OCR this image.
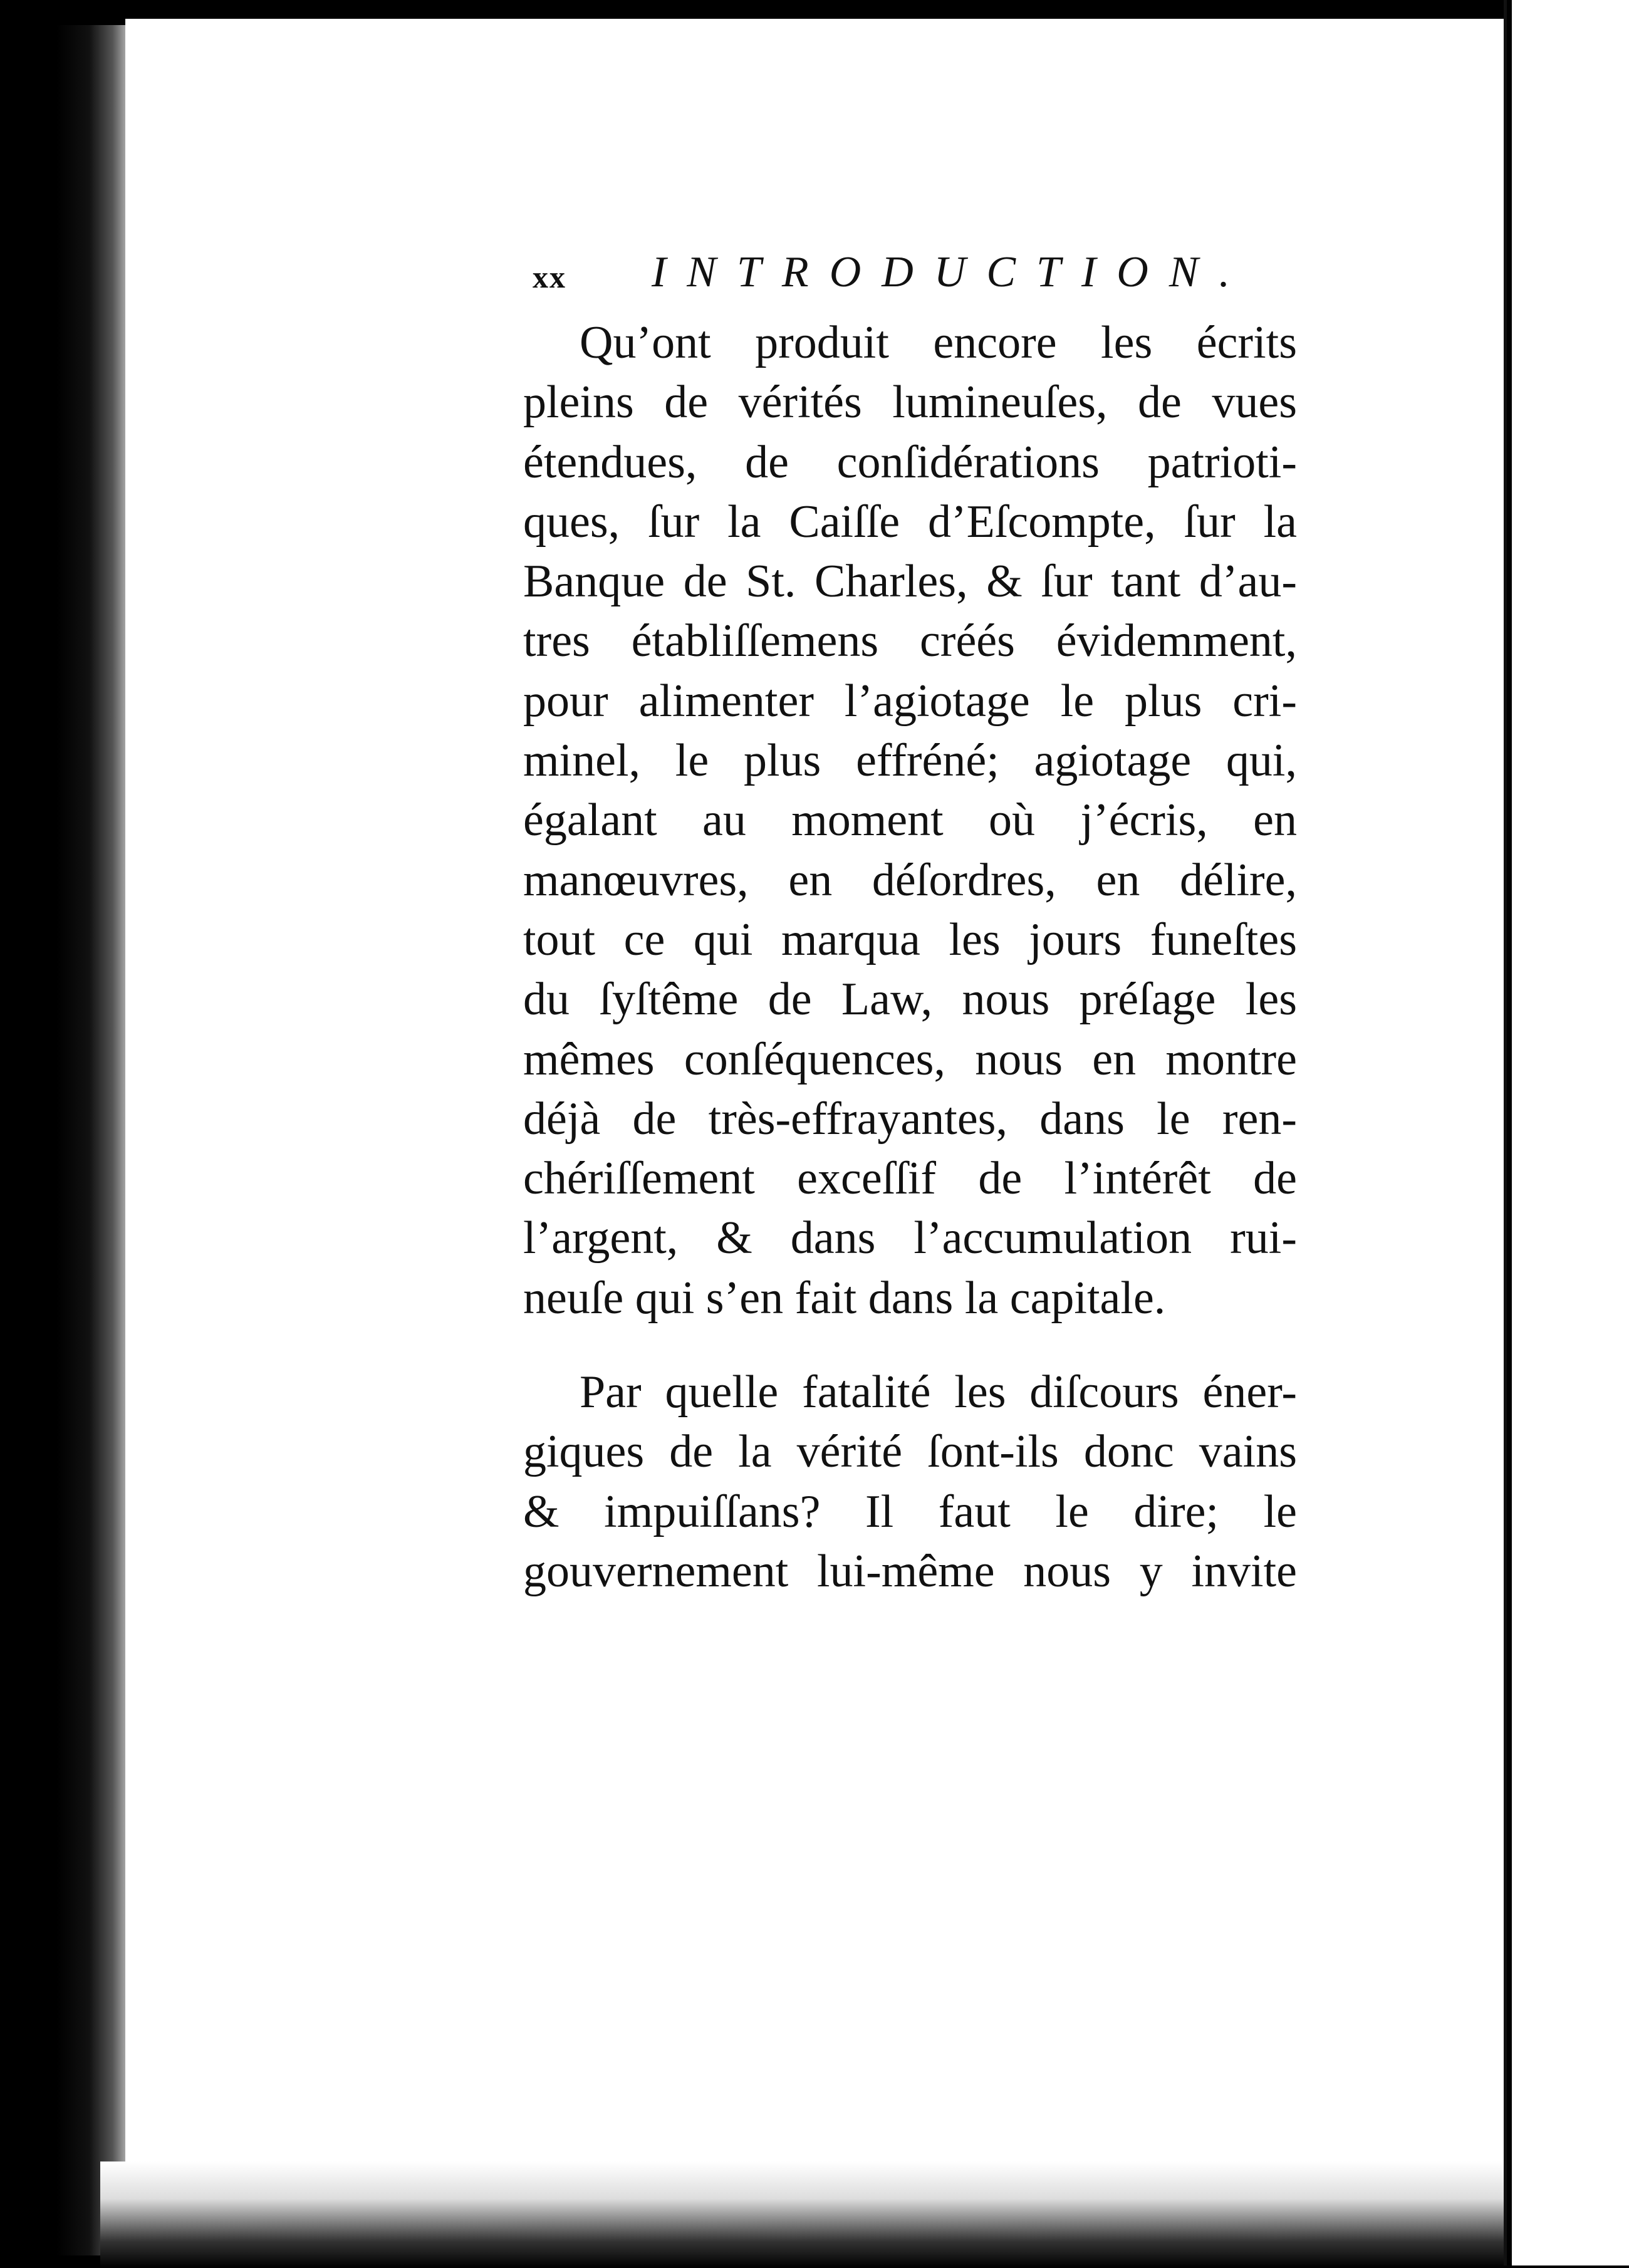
xx INTRODUCTION.
Qu’ont produit encore les écrits
pleins de vérités lumineuſes, de vues
étendues, de conſidérations patrioti-
ques, ſur la Caiſſe d’Eſcompte, ſur la
Banque de St. Charles, & ſur tant d’au-
tres établiſſemens créés évidemment,
pour alimenter l’agiotage le plus cri-
minel, le plus effréné; agiotage qui,
égalant au moment où j’écris, en
manœuvres, en déſordres, en délire,
tout ce qui marqua les jours funeſtes
du ſyſtême de Law, nous préſage les
mêmes conſéquences, nous en montre
déjà de très-effrayantes, dans le ren-
chériſſement exceſſif de l’intérêt de
l’argent, & dans l’accumulation rui-
neuſe qui s’en fait dans la capitale.
Par quelle fatalité les diſcours éner-
giques de la vérité ſont-ils donc vains
& impuiſſans? Il faut le dire; le
gouvernement lui-même nous y invite
